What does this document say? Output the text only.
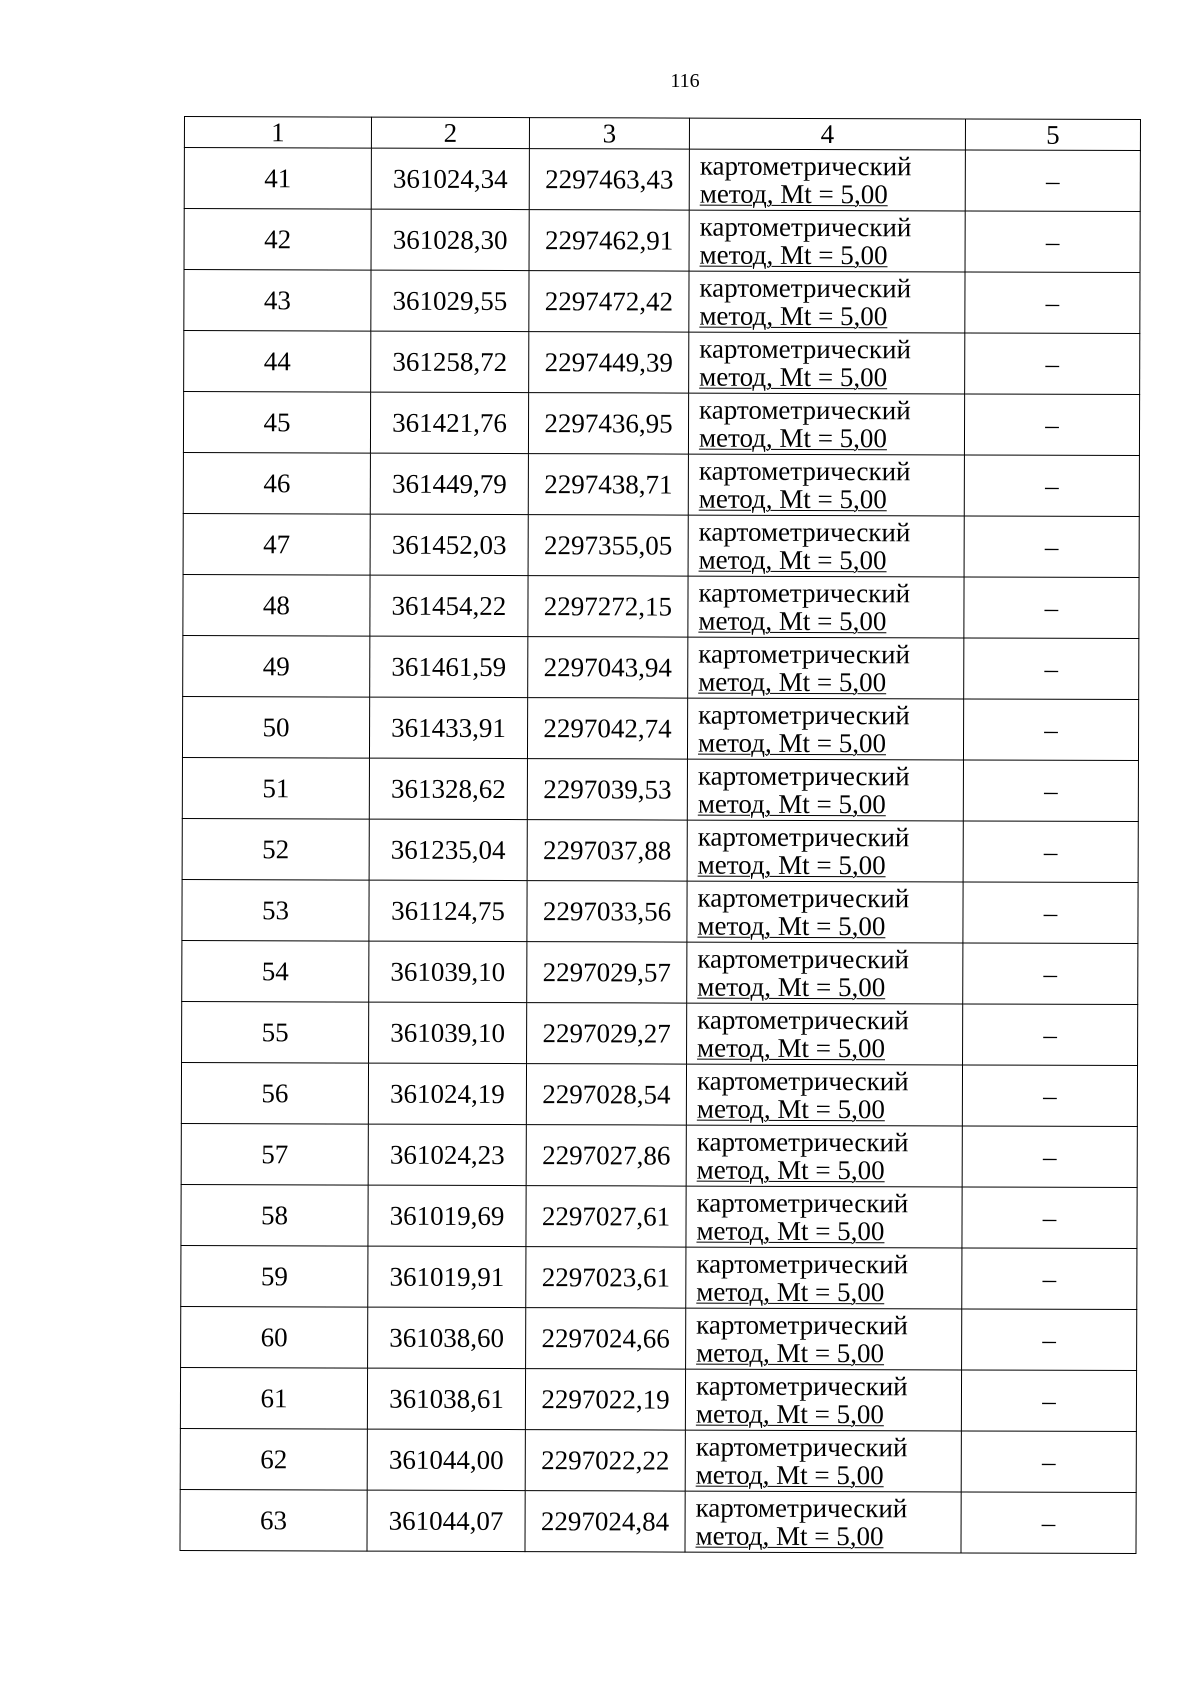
116
1	2	3	4	5
41	361024,34	2297463,43	картометрический
метод, Mt = 5,00	–
42	361028,30	2297462,91	картометрический
метод, Mt = 5,00	–
43	361029,55	2297472,42	картометрический
метод, Mt = 5,00	–
44	361258,72	2297449,39	картометрический
метод, Mt = 5,00	–
45	361421,76	2297436,95	картометрический
метод, Mt = 5,00	–
46	361449,79	2297438,71	картометрический
метод, Mt = 5,00	–
47	361452,03	2297355,05	картометрический
метод, Mt = 5,00	–
48	361454,22	2297272,15	картометрический
метод, Mt = 5,00	–
49	361461,59	2297043,94	картометрический
метод, Mt = 5,00	–
50	361433,91	2297042,74	картометрический
метод, Mt = 5,00	–
51	361328,62	2297039,53	картометрический
метод, Mt = 5,00	–
52	361235,04	2297037,88	картометрический
метод, Mt = 5,00	–
53	361124,75	2297033,56	картометрический
метод, Mt = 5,00	–
54	361039,10	2297029,57	картометрический
метод, Mt = 5,00	–
55	361039,10	2297029,27	картометрический
метод, Mt = 5,00	–
56	361024,19	2297028,54	картометрический
метод, Mt = 5,00	–
57	361024,23	2297027,86	картометрический
метод, Mt = 5,00	–
58	361019,69	2297027,61	картометрический
метод, Mt = 5,00	–
59	361019,91	2297023,61	картометрический
метод, Mt = 5,00	–
60	361038,60	2297024,66	картометрический
метод, Mt = 5,00	–
61	361038,61	2297022,19	картометрический
метод, Mt = 5,00	–
62	361044,00	2297022,22	картометрический
метод, Mt = 5,00	–
63	361044,07	2297024,84	картометрический
метод, Mt = 5,00	–
